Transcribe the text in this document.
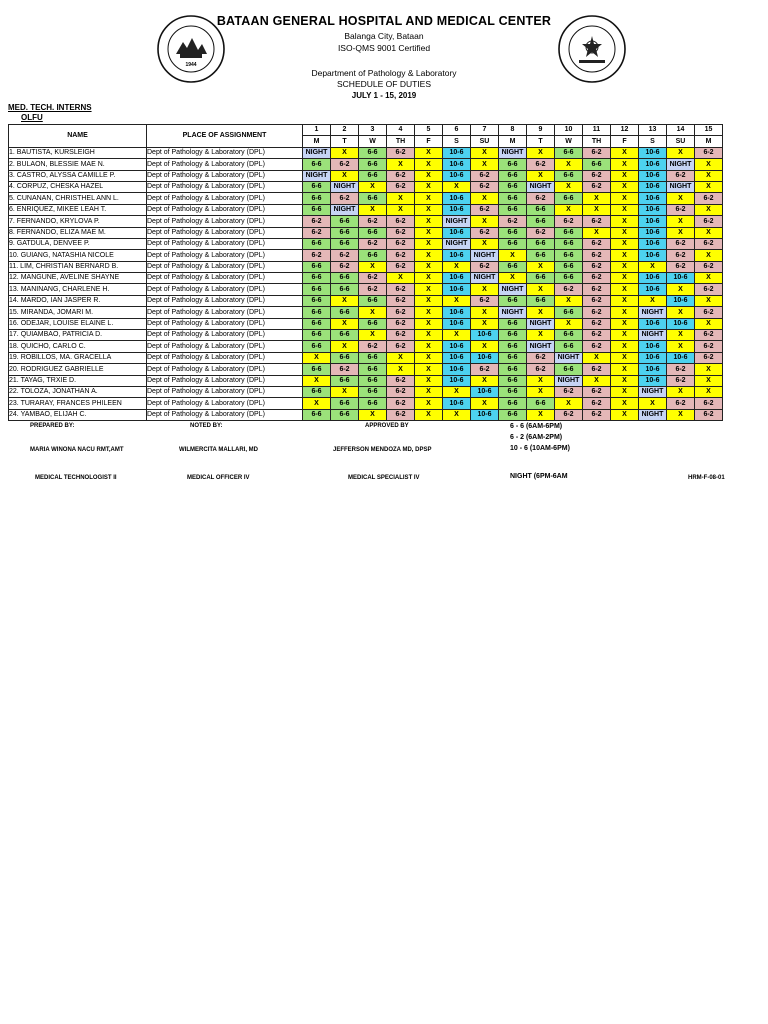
1944
BATAAN GENERAL HOSPITAL AND MEDICAL CENTER
Balanga City, Bataan
ISO-QMS 9001 Certified
Department of Pathology & Laboratory
SCHEDULE OF DUTIES
JULY 1 - 15, 2019
MED. TECH. INTERNS
OLFU
NAME	PLACE OF ASSIGNMENT	1	2	3	4	5	6	7	8	9	10	11	12	13	14	15
		M	T	W	TH	F	S	SU	M	T	W	TH	F	S	SU	M
1. BAUTISTA, KURSLEIGH	Dept of Pathology & Laboratory (DPL)	NIGHT	X	6-6	6-2	X	10-6	X	NIGHT	X	6-6	6-2	X	10-6	X	6-2
2. BULAON, BLESSIE MAE N.	Dept of Pathology & Laboratory (DPL)	6-6	6-2	6-6	X	X	10-6	X	6-6	6-2	X	6-6	X	10-6	NIGHT	X
3. CASTRO, ALYSSA CAMILLE P.	Dept of Pathology & Laboratory (DPL)	NIGHT	X	6-6	6-2	X	10-6	6-2	6-6	X	6-6	6-2	X	10-6	6-2	X
4. CORPUZ, CHESKA HAZEL	Dept of Pathology & Laboratory (DPL)	6-6	NIGHT	X	6-2	X	X	6-2	6-6	NIGHT	X	6-2	X	10-6	NIGHT	X
5. CUNANAN, CHRISTHEL ANN L.	Dept of Pathology & Laboratory (DPL)	6-6	6-2	6-6	X	X	10-6	X	6-6	6-2	6-6	X	X	10-6	X	6-2
6. ENRIQUEZ, MIKEE LEAH T.	Dept of Pathology & Laboratory (DPL)	6-6	NIGHT	X	X	X	10-6	6-2	6-6	6-6	X	X	X	10-6	6-2	X
7. FERNANDO, KRYLOVA P.	Dept of Pathology & Laboratory (DPL)	6-2	6-6	6-2	6-2	X	NIGHT	X	6-2	6-6	6-2	6-2	X	10-6	X	6-2
8. FERNANDO, ELIZA MAE M.	Dept of Pathology & Laboratory (DPL)	6-2	6-6	6-6	6-2	X	10-6	6-2	6-6	6-2	6-6	X	X	10-6	X	X
9. GATDULA, DENVEE P.	Dept of Pathology & Laboratory (DPL)	6-6	6-6	6-2	6-2	X	NIGHT	X	6-6	6-6	6-6	6-2	X	10-6	6-2	6-2
10. GUIANG, NATASHIA NICOLE	Dept of Pathology & Laboratory (DPL)	6-2	6-2	6-6	6-2	X	10-6	NIGHT	X	6-6	6-6	6-2	X	10-6	6-2	X
11. LIM, CHRISTIAN BERNARD B.	Dept of Pathology & Laboratory (DPL)	6-6	6-2	X	6-2	X	X	6-2	6-6	X	6-6	6-2	X	X	6-2	6-2
12. MANGUNE, AVELINE SHAYNE	Dept of Pathology & Laboratory (DPL)	6-6	6-6	6-2	X	X	10-6	NIGHT	X	6-6	6-6	6-2	X	10-6	10-6	X
13. MANINANG, CHARLENE H.	Dept of Pathology & Laboratory (DPL)	6-6	6-6	6-2	6-2	X	10-6	X	NIGHT	X	6-2	6-2	X	10-6	X	6-2
14. MARDO, IAN JASPER R.	Dept of Pathology & Laboratory (DPL)	6-6	X	6-6	6-2	X	X	6-2	6-6	6-6	X	6-2	X	X	10-6	X
15. MIRANDA, JOMARI M.	Dept of Pathology & Laboratory (DPL)	6-6	6-6	X	6-2	X	10-6	X	NIGHT	X	6-6	6-2	X	NIGHT	X	6-2
16. ODEJAR, LOUISE ELAINE L.	Dept of Pathology & Laboratory (DPL)	6-6	X	6-6	6-2	X	10-6	X	6-6	NIGHT	X	6-2	X	10-6	10-6	X
17. QUIAMBAO, PATRICIA D.	Dept of Pathology & Laboratory (DPL)	6-6	6-6	X	6-2	X	X	10-6	6-6	X	6-6	6-2	X	NIGHT	X	6-2
18. QUICHO, CARLO C.	Dept of Pathology & Laboratory (DPL)	6-6	X	6-2	6-2	X	10-6	X	6-6	NIGHT	6-6	6-2	X	10-6	X	6-2
19. ROBILLOS, MA. GRACELLA	Dept of Pathology & Laboratory (DPL)	X	6-6	6-6	X	X	10-6	10-6	6-6	6-2	NIGHT	X	X	10-6	10-6	6-2
20. RODRIGUEZ GABRIELLE	Dept of Pathology & Laboratory (DPL)	6-6	6-2	6-6	X	X	10-6	6-2	6-6	6-2	6-6	6-2	X	10-6	6-2	X
21. TAYAG, TRXIE D.	Dept of Pathology & Laboratory (DPL)	X	6-6	6-6	6-2	X	10-6	X	6-6	X	NIGHT	X	X	10-6	6-2	X
22. TOLOZA, JONATHAN A.	Dept of Pathology & Laboratory (DPL)	6-6	X	6-6	6-2	X	X	10-6	6-6	X	6-2	6-2	X	NIGHT	X	X
23. TURARAY, FRANCES PHILEEN	Dept of Pathology & Laboratory (DPL)	X	6-6	6-6	6-2	X	10-6	X	6-6	6-6	X	6-2	X	X	6-2	6-2
24. YAMBAO, ELIJAH C.	Dept of Pathology & Laboratory (DPL)	6-6	6-6	X	6-2	X	X	10-6	6-6	X	6-2	6-2	X	NIGHT	X	6-2
PREPARED BY:	NOTED BY:	APPROVED BY
MARIA WINONA NACU RMT,AMT	WILMERCITA MALLARI, MD	JEFFERSON MENDOZA MD, DPSP
MEDICAL TECHNOLOGIST II	MEDICAL OFFICER IV	MEDICAL SPECIALIST IV
6 - 6 (6AM-6PM)
6 - 2 (6AM-2PM)
10 - 6 (10AM-6PM)
NIGHT (6PM-6AM	HRM-F-08-01
